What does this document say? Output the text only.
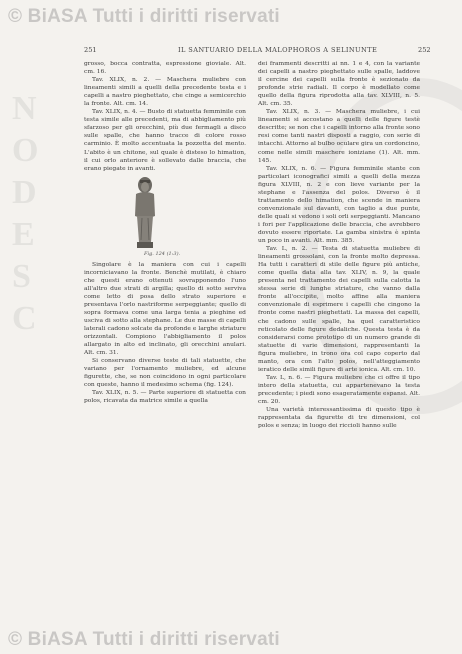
N
O
D
E
S
C
© BiASA Tutti i diritti riservati
251	IL SANTUARIO DELLA MALOPHOROS A SELINUNTE	252

grosso, bocca contratta, espressione gioviale. Alt. cm. 16.

Tav. XLIX, n. 2. — Maschera muliebre con lineamenti simili a quelli della precedente testa e i capelli a nastro pieghettato, che cinge a semicerchio la fronte. Alt. cm. 14.

Tav. XLIX, n. 4. — Busto di statuetta femminile con testa simile alle precedenti, ma di abbigliamento più sfarzoso per gli orecchini, più due fermagli a disco sulle spalle, che hanno tracce di colore rosso carminio. È molto accentuata la pozzetta del mento. L'abito è un chitone, sul quale è disteso lo himation, il cui orlo anteriore è sollevato dalle braccia, che erano piegate in avanti.

Fig. 124 (1:3).

Singolare è la maniera con cui i capelli incorniciavano la fronte. Benchè mutilati, è chiaro che questi erano ottenuti sovrapponendo l'uno all'altro due strati di argilla; quello di sotto serviva come letto di posa dello strato superiore e presentava l'orlo nastriforme serpeggiante; quello di sopra formava come una larga tenia a pieghine ed usciva di sotto alla stephane. Le due masse di capelli laterali cadono solcate da profonde e larghe striature orizzontali. Compiono l'abbigliamento il polos allargato in alto ed inclinato, gli orecchini anulari. Alt. cm. 31.

Si conservano diverse teste di tali statuette, che variano per l'ornamento muliebre, ed alcune figurette, che, se non coincidono in ogni particolare con queste, hanno il medesimo schema (fig. 124).

Tav. XLIX, n. 5. — Parte superiore di statuetta con polos, ricavata da matrice simile a quella

dei frammenti descritti ai nn. 1 e 4, con la variante dei capelli a nastro pieghettato sulle spalle, laddove il cercine dei capelli sulla fronte è sezionato da profonde strie radiali. Il corpo è modellato come quello della figura riprodotta alla tav. XLVIII, n. 5. Alt. cm. 35.

Tav. XLIX, n. 3. — Maschera muliebre, i cui lineamenti si accostano a quelli delle figure testè descritte; se non che i capelli intorno alla fronte sono resi come tanti nastri disposti a raggio, con serie di intacchi. Attorno al bulbo oculare gira un cordoncino, come nelle simili maschere ioniziane (1). Alt. mm. 145.

Tav. XLIX, n. 6. — Figura femminile stante con particolari iconografici simili a quelli della mezza figura XLVIII, n. 2 e con lieve variante per la stephane e l'assenza del polos. Diverso è il trattamento dello himation, che scende in maniera convenzionale sul davanti, con taglio a due punte, delle quali si vedono i soli orli serpeggianti. Mancano i fori per l'applicazione delle braccia, che avrebbero dovuto essere riportate. La gamba sinistra è spinta un poco in avanti. Alt. mm. 385.

Tav. L, n. 2. — Testa di statuetta muliebre di lineamenti grossolani, con la fronte molto depressa. Ha tutti i caratteri di stile delle figure più antiche, come quella data alla tav. XLIV, n. 9, la quale presenta nel trattamento dei capelli sulla calotta la stessa serie di lunghe striature, che vanno dalla fronte all'occipite, molto affine alla maniera convenzionale di esprimere i capelli che cingono la fronte come nastri pieghettati. La massa dei capelli, che cadono sulle spalle, ha quel caratteristico reticolato delle figure dedaliche. Questa testa è da considerarsi come prototipo di un numero grande di statuette di varie dimensioni, rappresentanti la figura muliebre, in trono ora col capo coperto dal manto, ora con l'alto polos, nell'atteggiamento ieratico delle simili figure di arte ionica. Alt. cm. 10.

Tav. L, n. 6. — Figura muliebre che ci offre il tipo intero della statuetta, cui appartenevano la testa precedente; i piedi sono esageratamente espansi. Alt. cm. 20.

Una varietà interessantissima di questo tipo è rappresentata da figurette di tre dimensioni, col polos e senza; in luogo dei riccioli hanno sulle

© BiASA Tutti i diritti riservati
